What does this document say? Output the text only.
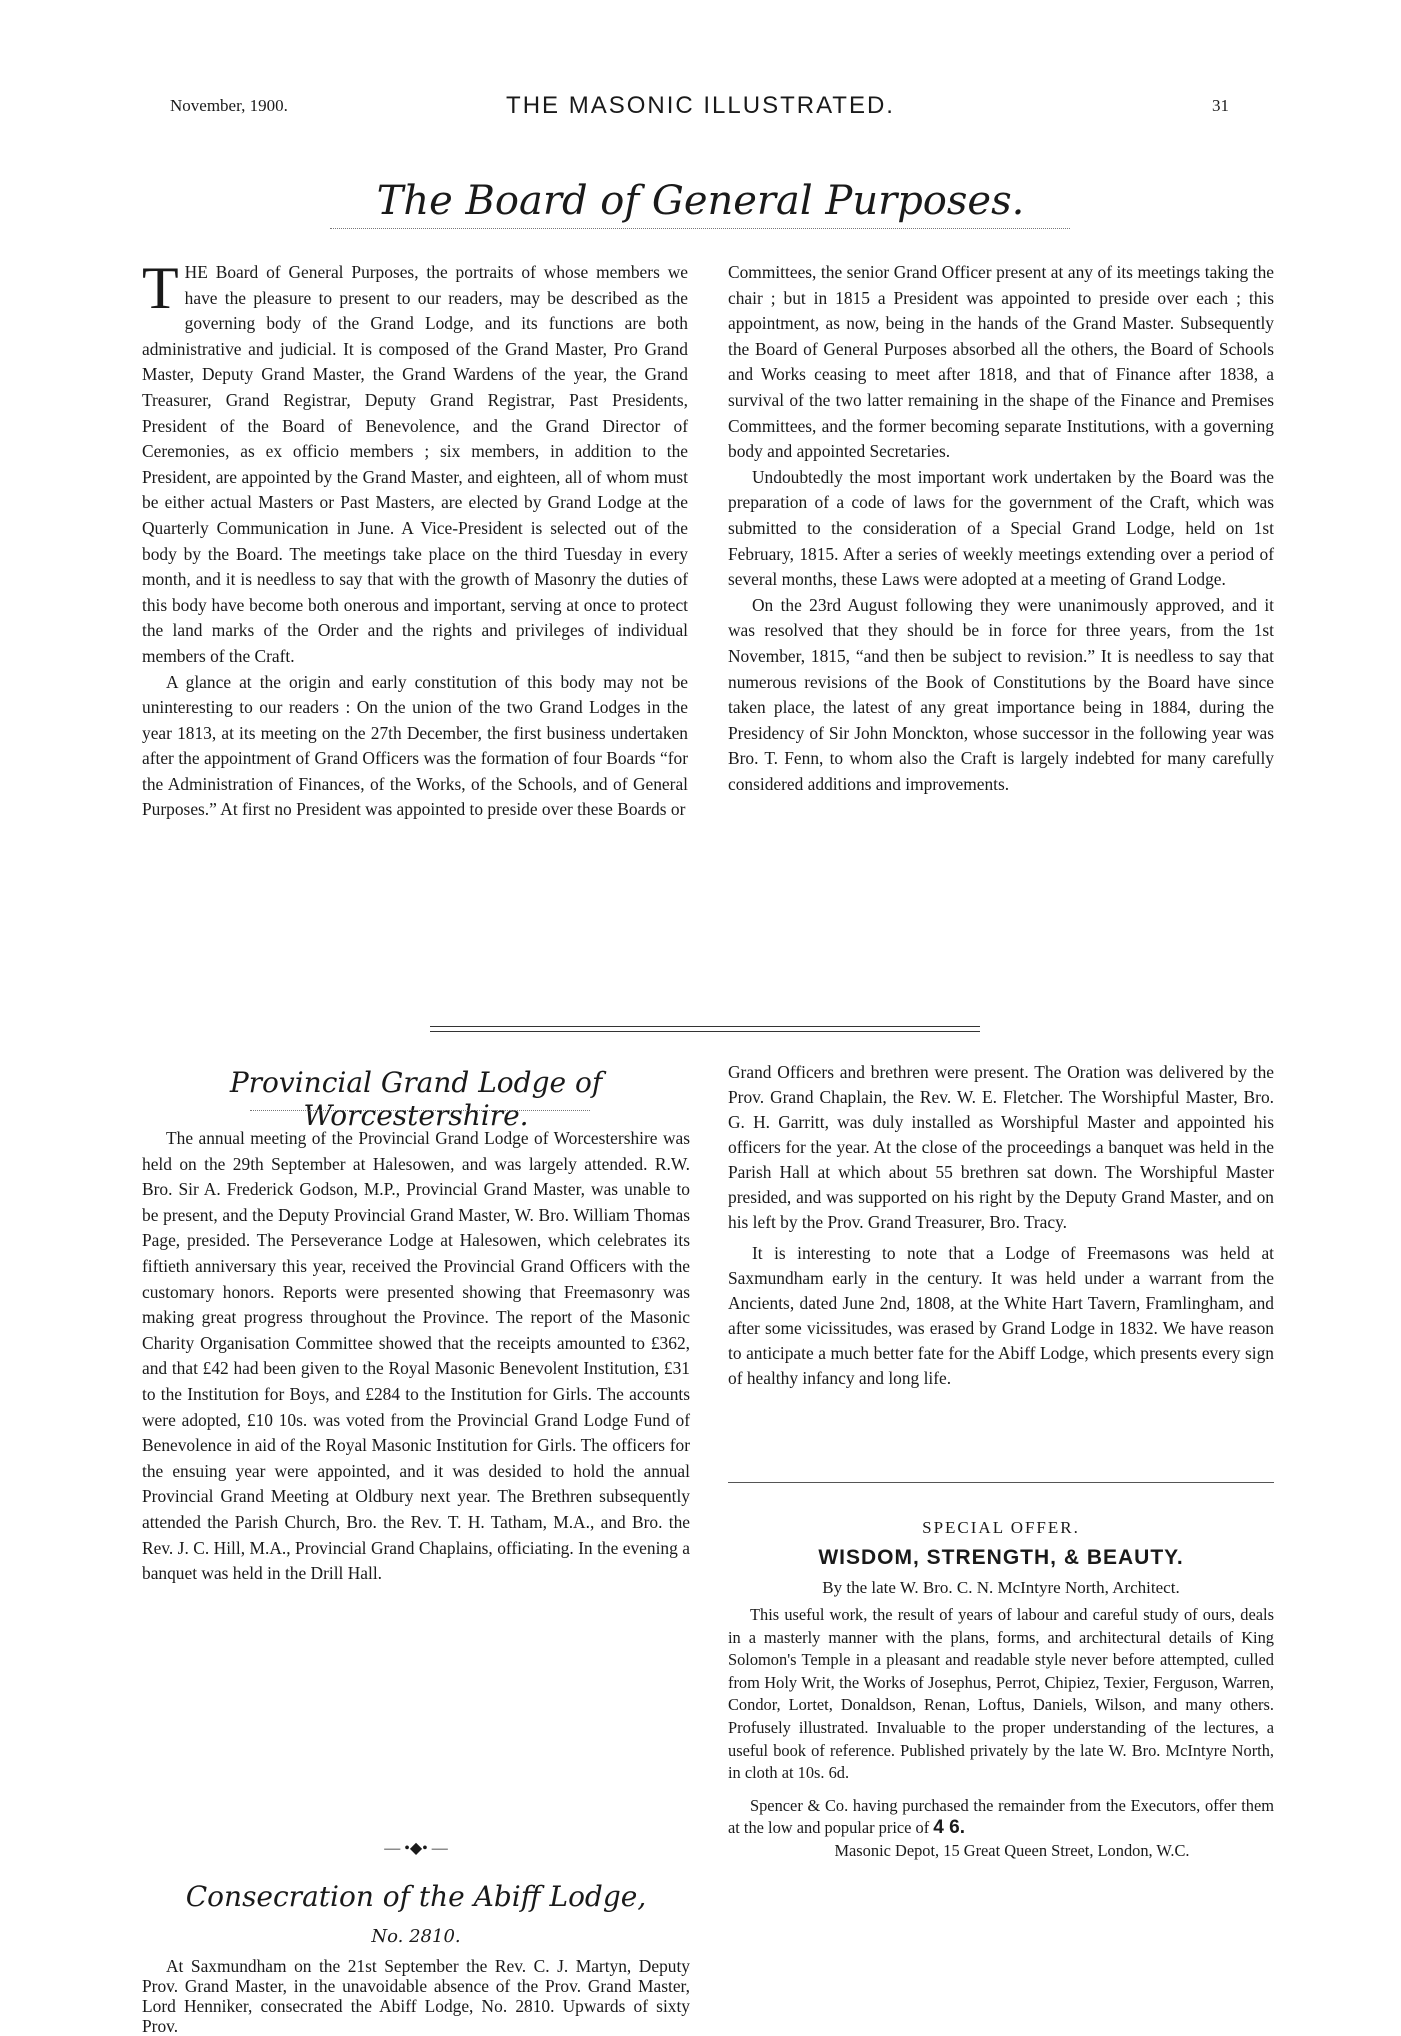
November, 1900.	THE MASONIC ILLUSTRATED.	31
The Board of General Purposes.

THE Board of General Purposes, the portraits of whose members we have the pleasure to present to our readers, may be described as the governing body of the Grand Lodge, and its functions are both administrative and judicial. It is composed of the Grand Master, Pro Grand Master, Deputy Grand Master, the Grand Wardens of the year, the Grand Treasurer, Grand Registrar, Deputy Grand Registrar, Past Presidents, President of the Board of Benevolence, and the Grand Director of Ceremonies, as ex officio members ; six members, in addition to the President, are appointed by the Grand Master, and eighteen, all of whom must be either actual Masters or Past Masters, are elected by Grand Lodge at the Quarterly Communication in June. A Vice-President is selected out of the body by the Board. The meetings take place on the third Tuesday in every month, and it is needless to say that with the growth of Masonry the duties of this body have become both onerous and important, serving at once to protect the land marks of the Order and the rights and privileges of individual members of the Craft.

A glance at the origin and early constitution of this body may not be uninteresting to our readers : On the union of the two Grand Lodges in the year 1813, at its meeting on the 27th December, the first business undertaken after the appointment of Grand Officers was the formation of four Boards “for the Administration of Finances, of the Works, of the Schools, and of General Purposes.” At first no President was appointed to preside over these Boards or

Committees, the senior Grand Officer present at any of its meetings taking the chair ; but in 1815 a President was appointed to preside over each ; this appointment, as now, being in the hands of the Grand Master. Subsequently the Board of General Purposes absorbed all the others, the Board of Schools and Works ceasing to meet after 1818, and that of Finance after 1838, a survival of the two latter remaining in the shape of the Finance and Premises Committees, and the former becoming separate Institutions, with a governing body and appointed Secretaries.

Undoubtedly the most important work undertaken by the Board was the preparation of a code of laws for the government of the Craft, which was submitted to the consideration of a Special Grand Lodge, held on 1st February, 1815. After a series of weekly meetings extending over a period of several months, these Laws were adopted at a meeting of Grand Lodge.

On the 23rd August following they were unanimously approved, and it was resolved that they should be in force for three years, from the 1st November, 1815, “and then be subject to revision.” It is needless to say that numerous revisions of the Book of Constitutions by the Board have since taken place, the latest of any great importance being in 1884, during the Presidency of Sir John Monckton, whose successor in the following year was Bro. T. Fenn, to whom also the Craft is largely indebted for many carefully considered additions and improvements.

Provincial Grand Lodge of Worcestershire.

The annual meeting of the Provincial Grand Lodge of Worcestershire was held on the 29th September at Halesowen, and was largely attended. R.W. Bro. Sir A. Frederick Godson, M.P., Provincial Grand Master, was unable to be present, and the Deputy Provincial Grand Master, W. Bro. William Thomas Page, presided. The Perseverance Lodge at Halesowen, which celebrates its fiftieth anniversary this year, received the Provincial Grand Officers with the customary honors. Reports were presented showing that Freemasonry was making great progress throughout the Province. The report of the Masonic Charity Organisation Committee showed that the receipts amounted to £362, and that £42 had been given to the Royal Masonic Benevolent Institution, £31 to the Institution for Boys, and £284 to the Institution for Girls. The accounts were adopted, £10 10s. was voted from the Provincial Grand Lodge Fund of Benevolence in aid of the Royal Masonic Institution for Girls. The officers for the ensuing year were appointed, and it was desided to hold the annual Provincial Grand Meeting at Oldbury next year. The Brethren subsequently attended the Parish Church, Bro. the Rev. T. H. Tatham, M.A., and Bro. the Rev. J. C. Hill, M.A., Provincial Grand Chaplains, officiating. In the evening a banquet was held in the Drill Hall.

— •◆• —
Consecration of the Abiff Lodge,
No. 2810.

At Saxmundham on the 21st September the Rev. C. J. Martyn, Deputy Prov. Grand Master, in the unavoidable absence of the Prov. Grand Master, Lord Henniker, consecrated the Abiff Lodge, No. 2810. Upwards of sixty Prov.

Grand Officers and brethren were present. The Oration was delivered by the Prov. Grand Chaplain, the Rev. W. E. Fletcher. The Worshipful Master, Bro. G. H. Garritt, was duly installed as Worshipful Master and appointed his officers for the year. At the close of the proceedings a banquet was held in the Parish Hall at which about 55 brethren sat down. The Worshipful Master presided, and was supported on his right by the Deputy Grand Master, and on his left by the Prov. Grand Treasurer, Bro. Tracy.

It is interesting to note that a Lodge of Freemasons was held at Saxmundham early in the century. It was held under a warrant from the Ancients, dated June 2nd, 1808, at the White Hart Tavern, Framlingham, and after some vicissitudes, was erased by Grand Lodge in 1832. We have reason to anticipate a much better fate for the Abiff Lodge, which presents every sign of healthy infancy and long life.

SPECIAL OFFER.
WISDOM, STRENGTH, & BEAUTY.
By the late W. Bro. C. N. McIntyre North, Architect.

This useful work, the result of years of labour and careful study of ours, deals in a masterly manner with the plans, forms, and architectural details of King Solomon's Temple in a pleasant and readable style never before attempted, culled from Holy Writ, the Works of Josephus, Perrot, Chipiez, Texier, Ferguson, Warren, Condor, Lortet, Donaldson, Renan, Loftus, Daniels, Wilson, and many others. Profusely illustrated. Invaluable to the proper understanding of the lectures, a useful book of reference. Published privately by the late W. Bro. McIntyre North, in cloth at 10s. 6d.

Spencer & Co. having purchased the remainder from the Executors, offer them at the low and popular price of 4 6.

Masonic Depot, 15 Great Queen Street, London, W.C.
